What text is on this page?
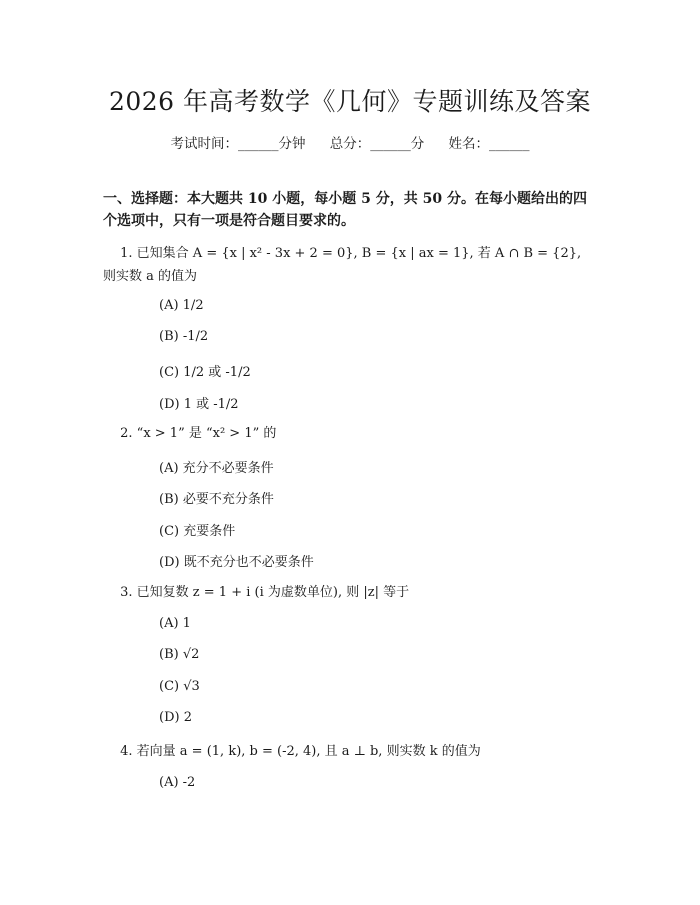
2026 年高考数学《几何》专题训练及答案
考试时间：______分钟 总分：______分 姓名：______
一、选择题：本大题共 10 小题，每小题 5 分，共 50 分。在每小题给出的四个选项中，只有一项是符合题目要求的。
　 1. 已知集合 A = {x | x² - 3x + 2 = 0}, B = {x | ax = 1}, 若 A ∩ B = {2}, 则实数 a 的值为
(A) 1/2
(B) -1/2
(C) 1/2 或 -1/2
(D) 1 或 -1/2
　 2. “x > 1” 是 “x² > 1” 的
(A) 充分不必要条件
(B) 必要不充分条件
(C) 充要条件
(D) 既不充分也不必要条件
　 3. 已知复数 z = 1 + i (i 为虚数单位), 则 |z| 等于
(A) 1
(B) √2
(C) √3
(D) 2
　 4. 若向量 a = (1, k), b = (-2, 4), 且 a ⊥ b, 则实数 k 的值为
(A) -2
